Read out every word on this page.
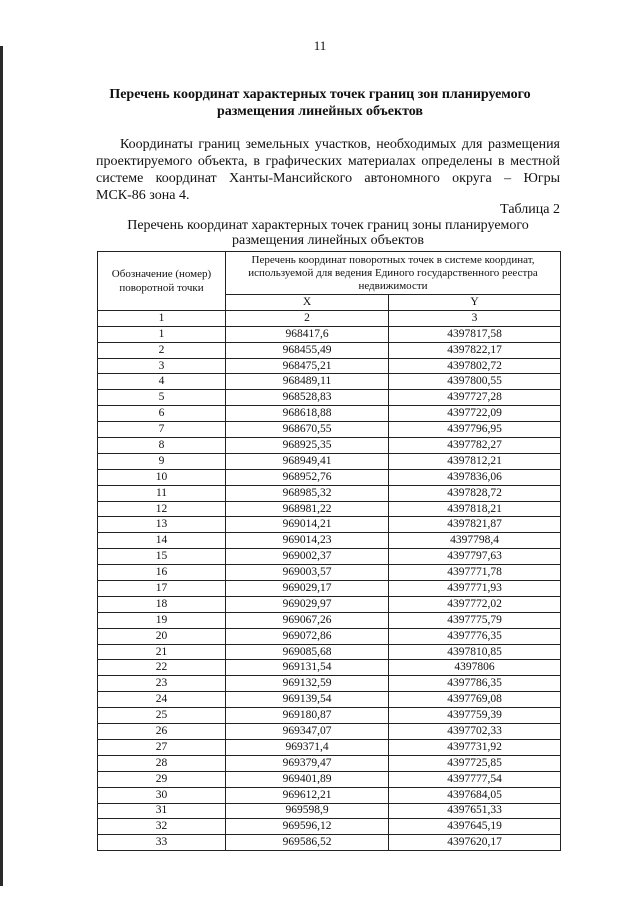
11
Перечень координат характерных точек границ зон планируемого размещения линейных объектов

Координаты границ земельных участков, необходимых для размещения проектируемого объекта, в графических материалах определены в местной системе координат Ханты-Мансийского автономного округа – Югры МСК-86 зона 4.

Таблица 2

Перечень координат характерных точек границ зоны планируемого размещения линейных объектов

Обозначение (номер) поворотной точки	Перечень координат поворотных точек в системе координат, используемой для ведения Единого государственного реестра недвижимости	
	X	Y
1	2	3
1	968417,6	4397817,58
2	968455,49	4397822,17
3	968475,21	4397802,72
4	968489,11	4397800,55
5	968528,83	4397727,28
6	968618,88	4397722,09
7	968670,55	4397796,95
8	968925,35	4397782,27
9	968949,41	4397812,21
10	968952,76	4397836,06
11	968985,32	4397828,72
12	968981,22	4397818,21
13	969014,21	4397821,87
14	969014,23	4397798,4
15	969002,37	4397797,63
16	969003,57	4397771,78
17	969029,17	4397771,93
18	969029,97	4397772,02
19	969067,26	4397775,79
20	969072,86	4397776,35
21	969085,68	4397810,85
22	969131,54	4397806
23	969132,59	4397786,35
24	969139,54	4397769,08
25	969180,87	4397759,39
26	969347,07	4397702,33
27	969371,4	4397731,92
28	969379,47	4397725,85
29	969401,89	4397777,54
30	969612,21	4397684,05
31	969598,9	4397651,33
32	969596,12	4397645,19
33	969586,52	4397620,17
